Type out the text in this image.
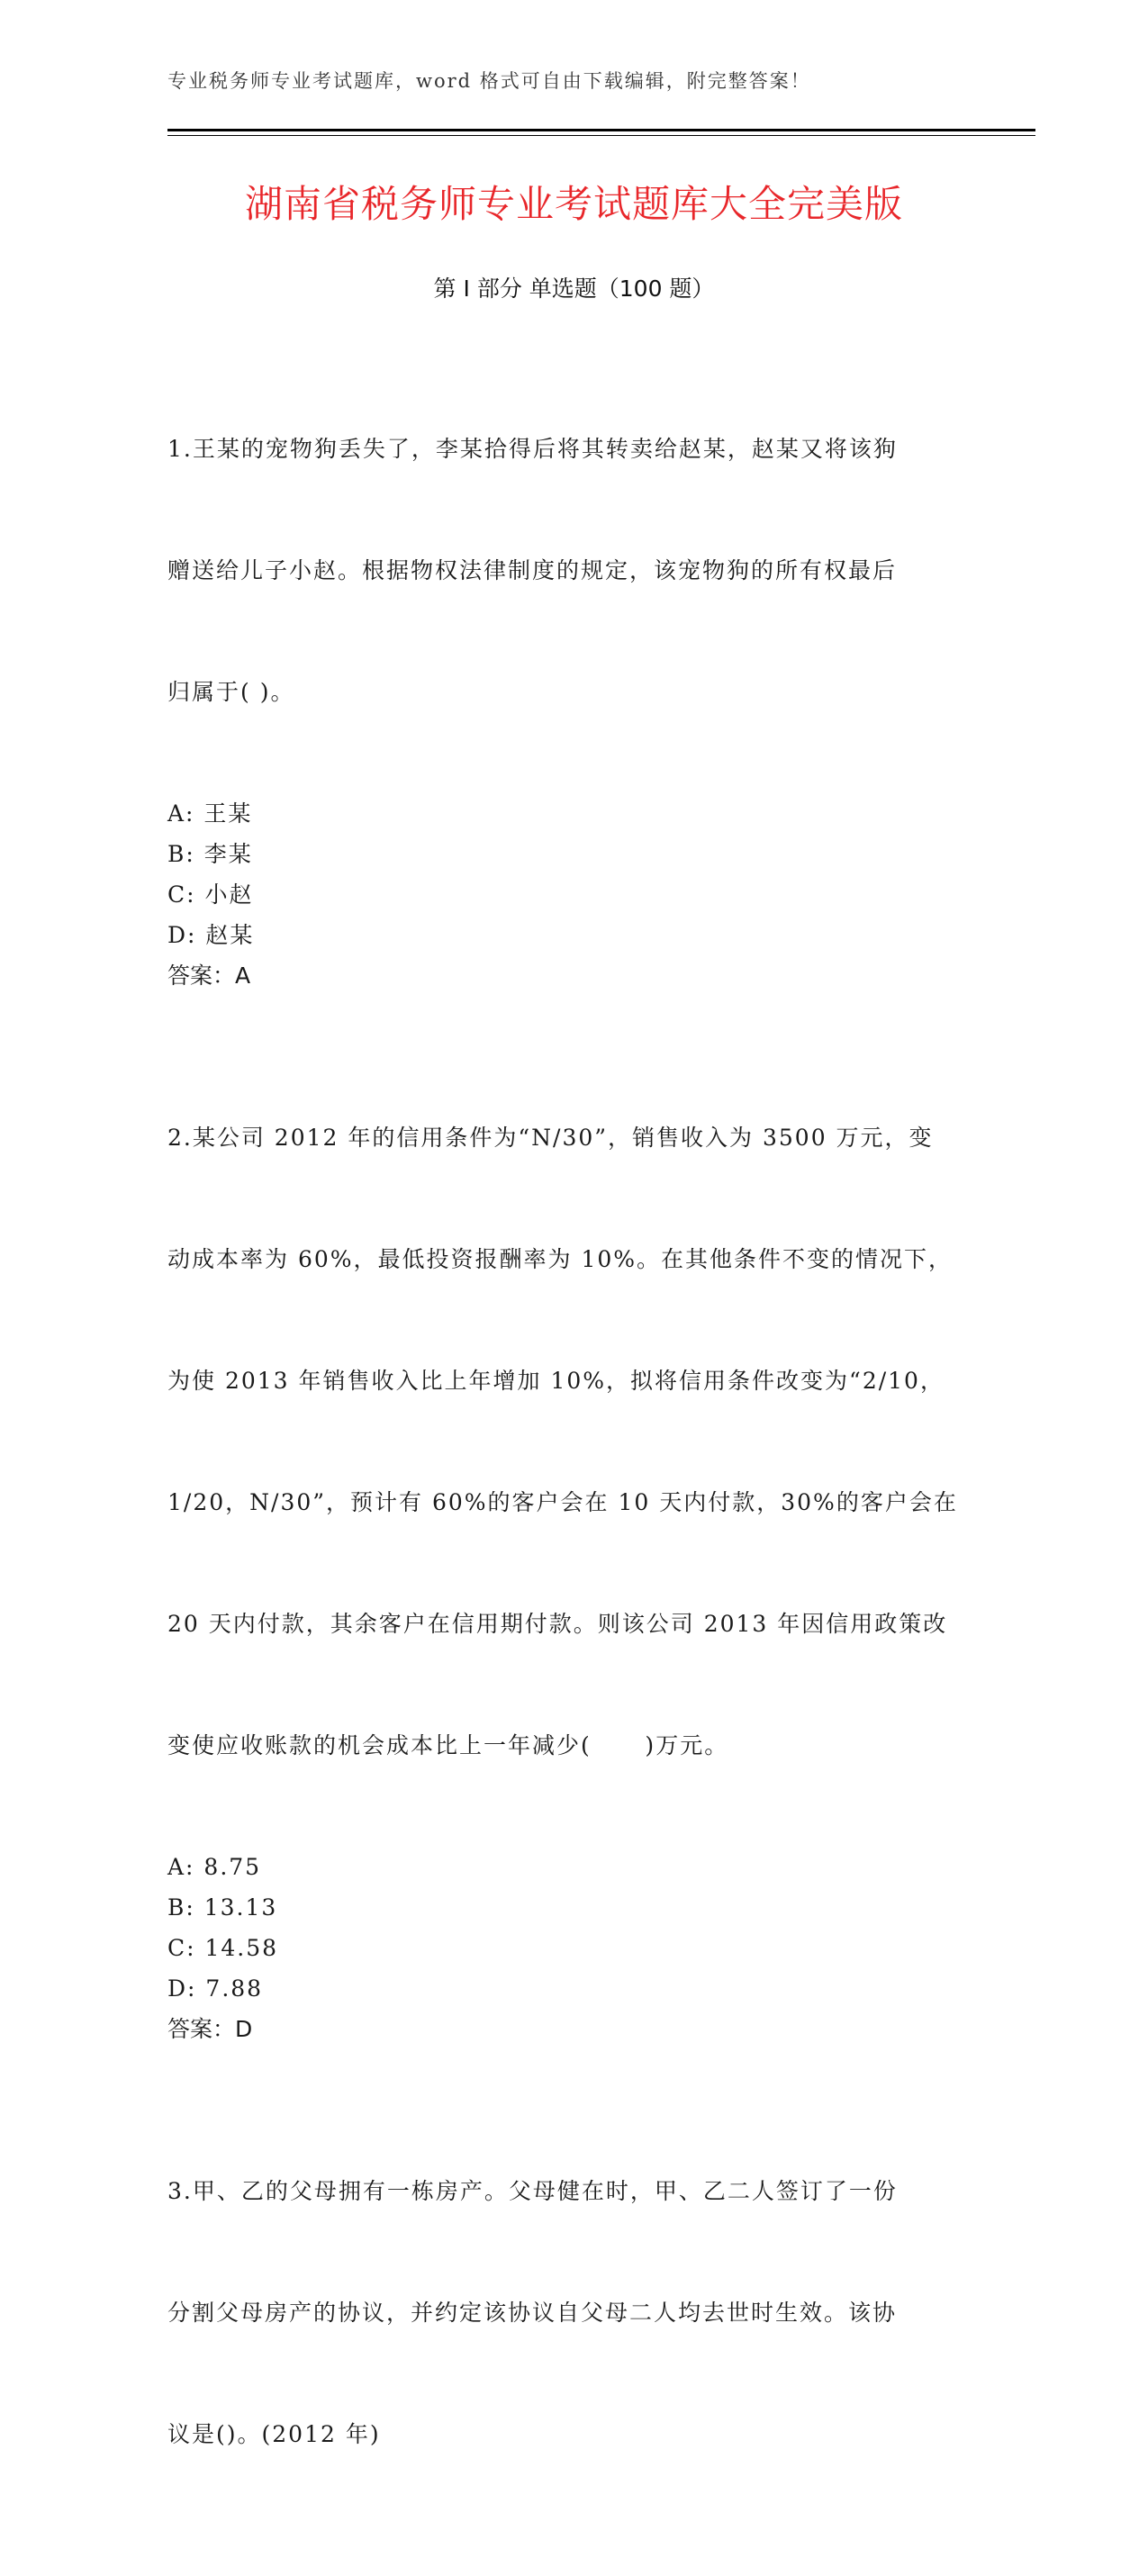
专业税务师专业考试题库，word 格式可自由下载编辑，附完整答案！
湖南省税务师专业考试题库大全完美版
第 I 部分 单选题（100 题）

1.王某的宠物狗丢失了，李某拾得后将其转卖给赵某，赵某又将该狗

赠送给儿子小赵。根据物权法律制度的规定，该宠物狗的所有权最后

归属于( )。

A: 王某
B: 李某
C: 小赵
D: 赵某
答案：A

2.某公司 2012 年的信用条件为“N/30”，销售收入为 3500 万元，变

动成本率为 60%，最低投资报酬率为 10%。在其他条件不变的情况下，

为使 2013 年销售收入比上年增加 10%，拟将信用条件改变为“2/10，

1/20，N/30”，预计有 60%的客户会在 10 天内付款，30%的客户会在

20 天内付款，其余客户在信用期付款。则该公司 2013 年因信用政策改

变使应收账款的机会成本比上一年减少(      )万元。

A: 8.75
B: 13.13
C: 14.58
D: 7.88
答案：D

3.甲、乙的父母拥有一栋房产。父母健在时，甲、乙二人签订了一份

分割父母房产的协议，并约定该协议自父母二人均去世时生效。该协

议是()。(2012 年)
